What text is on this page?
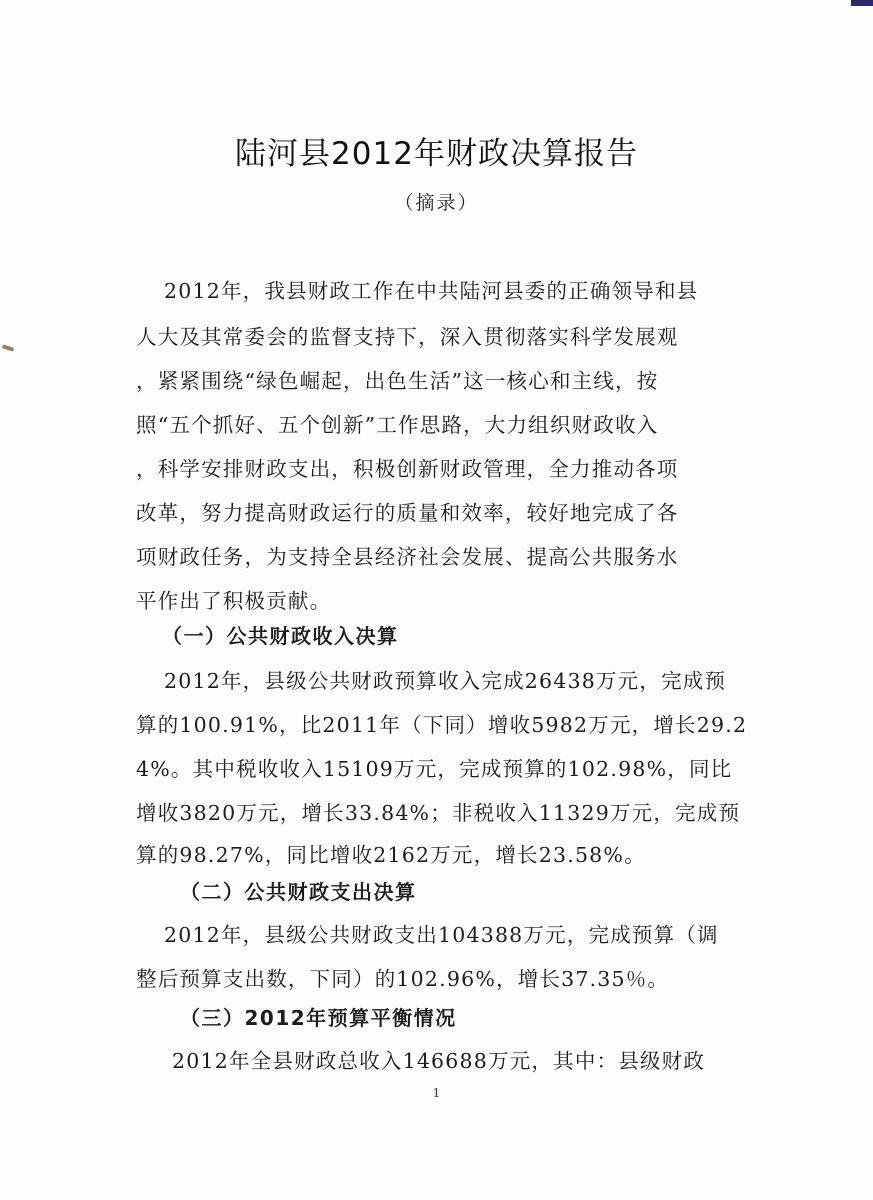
陆河县2012年财政决算报告
（摘录）
2012年，我县财政工作在中共陆河县委的正确领导和县
人大及其常委会的监督支持下，深入贯彻落实科学发展观
，紧紧围绕“绿色崛起，出色生活”这一核心和主线，按
照“五个抓好、五个创新”工作思路，大力组织财政收入
，科学安排财政支出，积极创新财政管理，全力推动各项
改革，努力提高财政运行的质量和效率，较好地完成了各
项财政任务，为支持全县经济社会发展、提高公共服务水
平作出了积极贡献。
（一）公共财政收入决算
2012年，县级公共财政预算收入完成26438万元，完成预
算的100.91%，比2011年（下同）增收5982万元，增长29.2
4%。其中税收收入15109万元，完成预算的102.98%，同比
增收3820万元，增长33.84%；非税收入11329万元，完成预
算的98.27%，同比增收2162万元，增长23.58%。
（二）公共财政支出决算
2012年，县级公共财政支出104388万元，完成预算（调
整后预算支出数，下同）的102.96%，增长37.35％。
（三）2012年预算平衡情况
2012年全县财政总收入146688万元，其中：县级财政
1
